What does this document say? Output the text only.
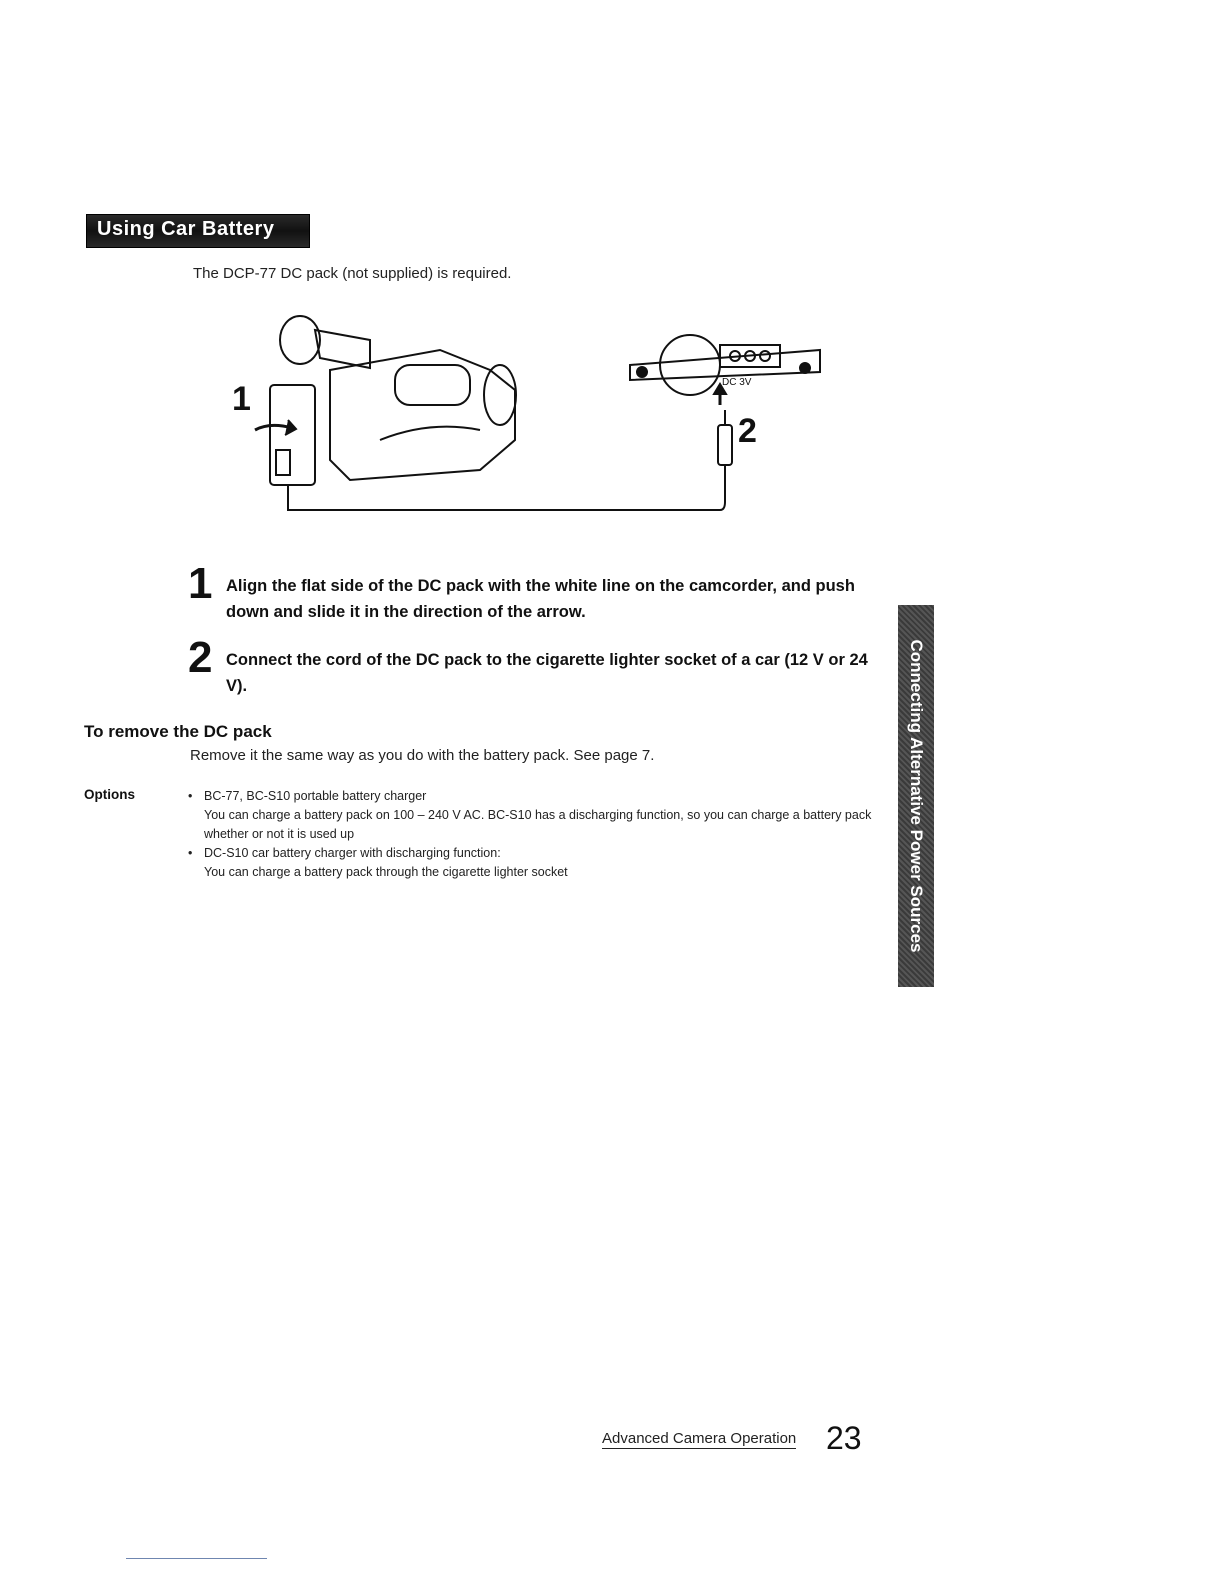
Using Car Battery
The DCP-77 DC pack (not supplied) is required.
1
2
DC 3V
1 Align the flat side of the DC pack with the white line on the camcorder, and push down and slide it in the direction of the arrow.
2 Connect the cord of the DC pack to the cigarette lighter socket of a car (12 V or 24 V).
To remove the DC pack
Remove it the same way as you do with the battery pack. See page 7.
Options	• BC-77, BC-S10 portable battery charger
You can charge a battery pack on 100 – 240 V AC. BC-S10 has a discharging function, so you can charge a battery pack whether or not it is used up
• DC-S10 car battery charger with discharging function:
You can charge a battery pack through the cigarette lighter socket	Connecting Alternative Power Sources
Advanced Camera Operation 23
